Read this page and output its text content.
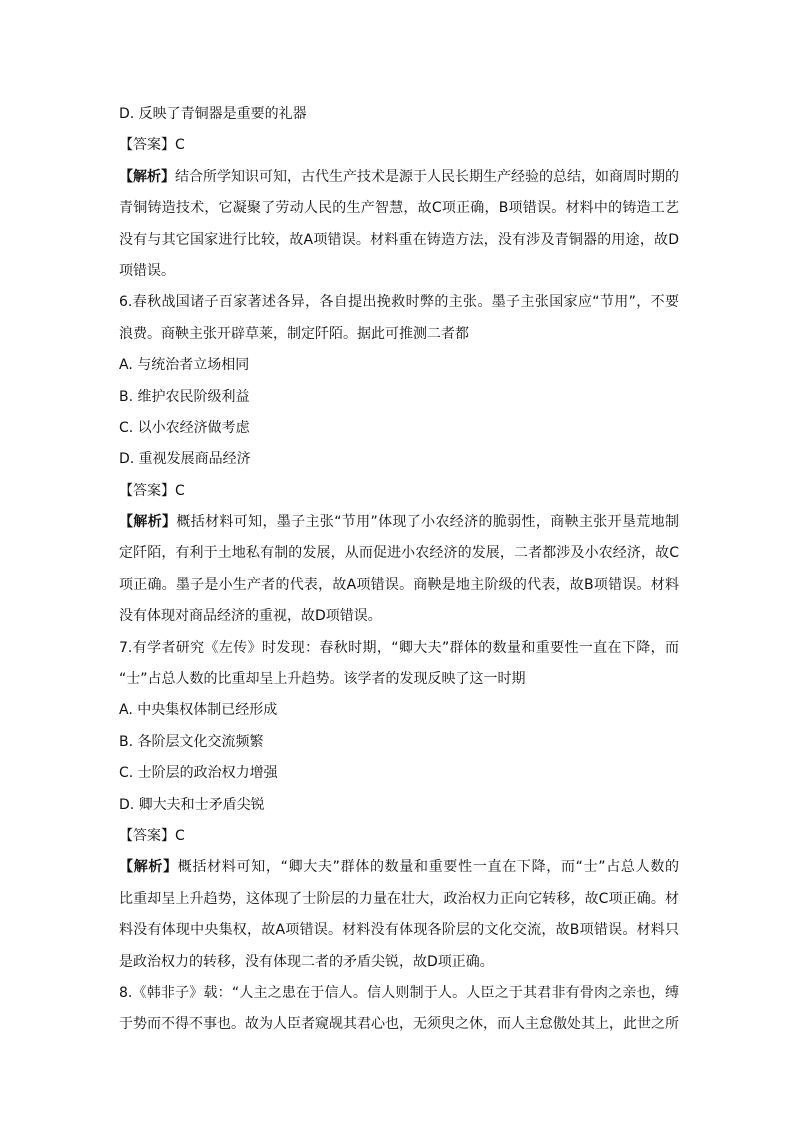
D. 反映了青铜器是重要的礼器
【答案】C
【解析】结合所学知识可知，古代生产技术是源于人民长期生产经验的总结，如商周时期的
青铜铸造技术，它凝聚了劳动人民的生产智慧，故C项正确，B项错误。材料中的铸造工艺
没有与其它国家进行比较，故A项错误。材料重在铸造方法，没有涉及青铜器的用途，故D
项错误。
6.春秋战国诸子百家著述各异，各自提出挽救时弊的主张。墨子主张国家应“节用”，不要
浪费。商鞅主张开辟草莱，制定阡陌。据此可推测二者都
A. 与统治者立场相同
B. 维护农民阶级利益
C. 以小农经济做考虑
D. 重视发展商品经济
【答案】C
【解析】概括材料可知，墨子主张“节用”体现了小农经济的脆弱性，商鞅主张开垦荒地制
定阡陌，有利于土地私有制的发展，从而促进小农经济的发展，二者都涉及小农经济，故C
项正确。墨子是小生产者的代表，故A项错误。商鞅是地主阶级的代表，故B项错误。材料
没有体现对商品经济的重视，故D项错误。
7.有学者研究《左传》时发现：春秋时期，“卿大夫”群体的数量和重要性一直在下降，而
“士”占总人数的比重却呈上升趋势。该学者的发现反映了这一时期
A. 中央集权体制已经形成
B. 各阶层文化交流频繁
C. 士阶层的政治权力增强
D. 卿大夫和士矛盾尖锐
【答案】C
【解析】概括材料可知，“卿大夫”群体的数量和重要性一直在下降，而“士”占总人数的
比重却呈上升趋势，这体现了士阶层的力量在壮大，政治权力正向它转移，故C项正确。材
料没有体现中央集权，故A项错误。材料没有体现各阶层的文化交流，故B项错误。材料只
是政治权力的转移，没有体现二者的矛盾尖锐，故D项正确。
8.《韩非子》载：“人主之患在于信人。信人则制于人。人臣之于其君非有骨肉之亲也，缚
于势而不得不事也。故为人臣者窥觇其君心也，无须臾之休，而人主怠傲处其上，此世之所
